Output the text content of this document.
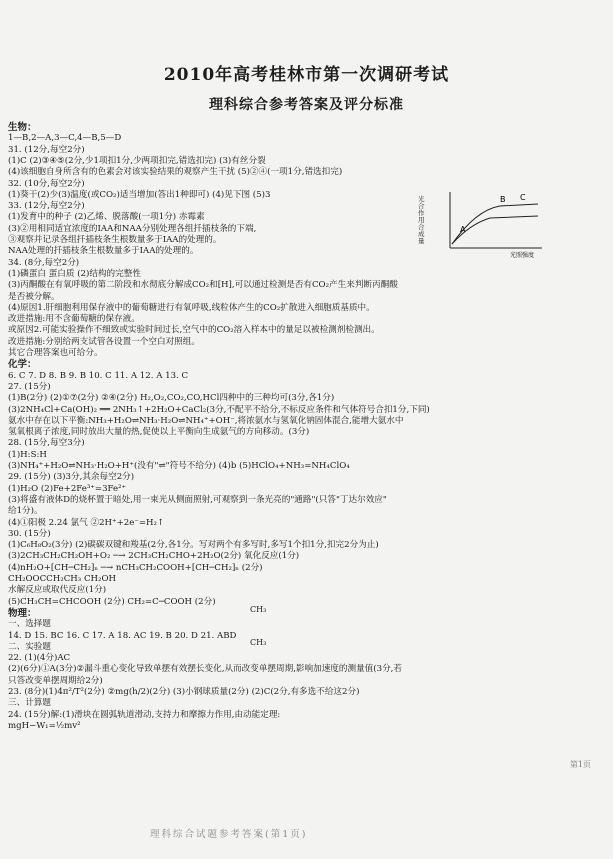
2010年高考桂林市第一次调研考试
理科综合参考答案及评分标准
生物：
1—B,2—A,3—C,4—B,5—D
31. (12分,每空2分)
(1)C (2)③④⑤(2分,少1项扣1分,少两项扣完,错选扣完) (3)有丝分裂
(4)该细胞自身所含有的色素会对该实验结果的观察产生干扰 (5)②④(一项1分,错选扣完)
32. (10分,每空2分)
(1)葵干(2)少(3)温度(或CO₂)适当增加(答出1种即可) (4)见下图 (5)3
33. (12分,每空2分)
(1)发育中的种子 (2)乙烯、脱落酸(一项1分) 赤霉素
(3)②用相同适宜浓度的IAA和NAA分别处理各组扦插枝条的下端,
③观察并记录各组扦插枝条生根数量多于IAA的处理的。
NAA处理的扦插枝条生根数量多于IAA的处理的。
34. (8分,每空2分)
(1)磷蛋白 蛋白质 (2)结构的完整性
(3)丙酮酸在有氧呼吸的第二阶段和水彻底分解成CO₂和[H],可以通过检测是否有CO₂产生来判断丙酮酸
是否被分解。
(4)原因1.肝细胞利用保存液中的葡萄糖进行有氧呼吸,线粒体产生的CO₂扩散进入细胞质基质中。
改进措施:用不含葡萄糖的保存液。
或原因2.可能实验操作不细致或实验时间过长,空气中的CO₂溶入样本中的量足以被检测剂检测出。
改进措施:分别给两支试管各设置一个空白对照组。
其它合理答案也可给分。
化学：
6. C 7. D 8. B 9. B 10. C 11. A 12. A 13. C
27. (15分)
(1)B(2分) (2)①⑦(2分) ②④(2分) H₂,O₂,CO₂,CO,HCl四种中的三种均可(3分,各1分)
(3)2NH₄Cl+Ca(OH)₂ ══ 2NH₃↑+2H₂O+CaCl₂(3分,不配平不给分,不标反应条件和气体符号合扣1分,下同)
氨水中存在以下平衡:NH₃+H₂O⇌NH₃·H₂O⇌NH₄⁺+OH⁻,将浓氨水与氢氧化钠固体混合,能增大氨水中
氢氧根离子浓度,同时放出大量的热,促使以上平衡向生成氨气的方向移动。(3分)
28. (15分,每空3分)
(1)H:S:H
(3)NH₄⁺+H₂O⇌NH₃·H₂O+H⁺(没有"⇌"符号不给分) (4)b (5)HClO₄+NH₃=NH₄ClO₄
29. (15分) (3)3分,其余每空2分)
(1)H₂O (2)Fe+2Fe³⁺=3Fe²⁺
(3)将盛有液体D的烧杯置于暗处,用一束光从侧面照射,可观察到一条光亮的"通路"(只答"丁达尔效应"
给1分)。
(4)①阳极 2.24 氯气 ②2H⁺+2e⁻=H₂↑
30. (15分)
(1)C₆H₈O₂(3分) (2)碳碳双键和羧基(2分,各1分。写对两个有多写时,多写1个扣1分,扣完2分为止)
(3)2CH₃CH₂CH₂OH+O₂ ─→ 2CH₃CH₂CHO+2H₂O(2分) 氧化反应(1分)
(4)nH₂O+[CH─CH₂]ₙ ─→ nCH₃CH₂COOH+[CH─CH₂]ₙ (2分)
CH₂OOCCH₂CH₃ CH₂OH
水解反应或取代反应(1分)
(5)CH₃CH=CHCOOH (2分) CH₂=C─COOH (2分)
物理：
一、选择题
14. D 15. BC 16. C 17. A 18. AC 19. B 20. D 21. ABD
二、实验题
22. (1)(4分)AC
(2)(6分)①A(3分)②漏斗重心变化导致单摆有效摆长变化,从而改变单摆周期,影响加速度的测量值(3分,若
只答改变单摆周期给2分)
23. (8分)(1)4π²/T²(2分) ②mg(h/2)(2分) (3)小钢球质量(2分) (2)C(2分,有多选不给这2分)
三、计算题
24. (15分)解:(1)滑块在圆弧轨道滑动,支持力和摩擦力作用,由动能定理:
mgH−W₁=½mv²
A
B C
光照强度
光合作用合成量
CH₃
CH₃
第1页
理科综合试题参考答案(第1页)
